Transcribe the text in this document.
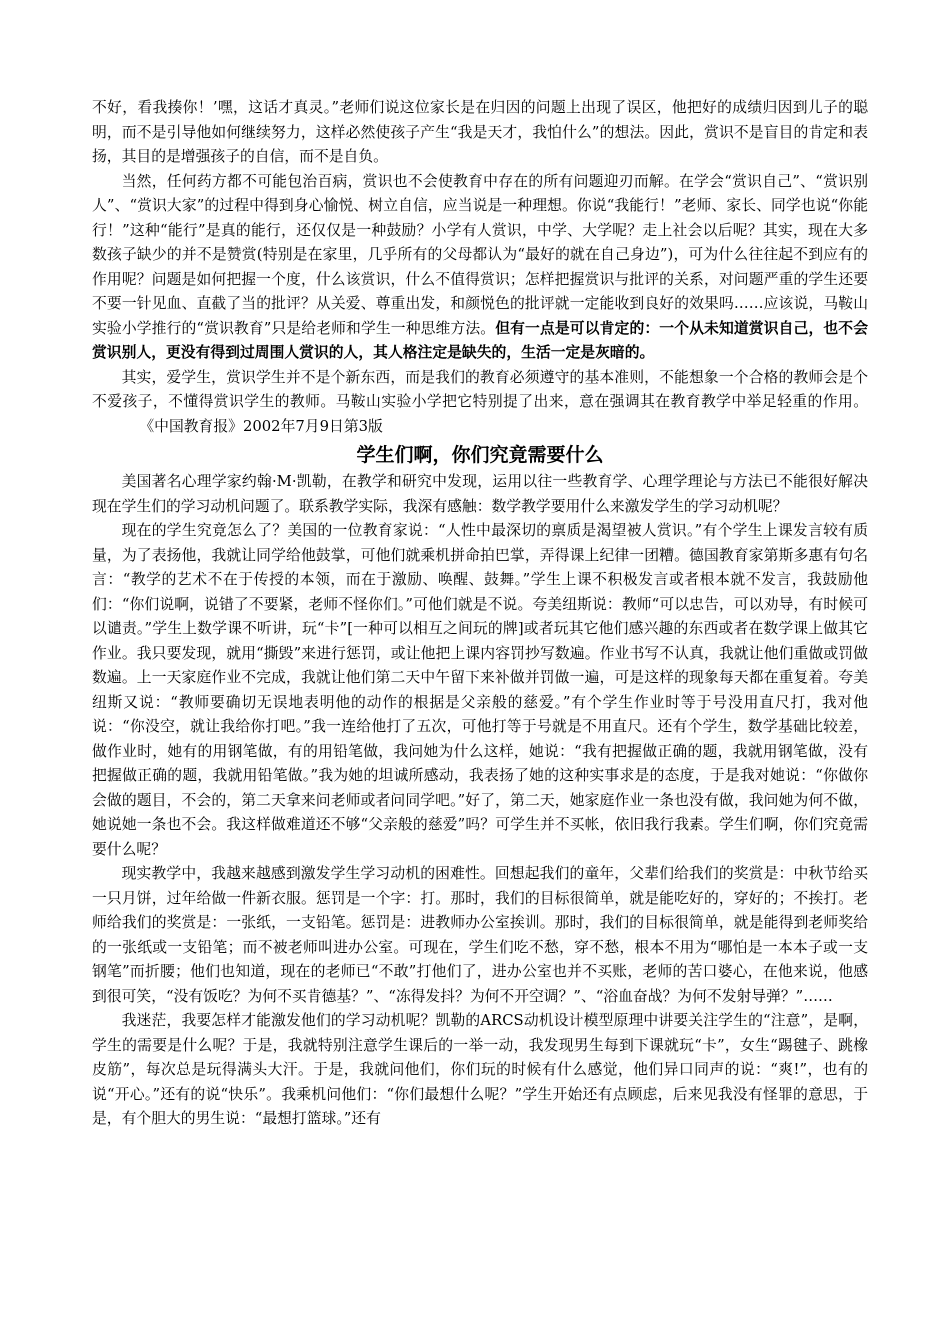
不好，看我揍你！’嘿，这话才真灵。”老师们说这位家长是在归因的问题上出现了误区，他把好的成绩归因到儿子的聪明，而不是引导他如何继续努力，这样必然使孩子产生“我是天才，我怕什么”的想法。因此，赏识不是盲目的肯定和表扬，其目的是增强孩子的自信，而不是自负。

当然，任何药方都不可能包治百病，赏识也不会使教育中存在的所有问题迎刃而解。在学会“赏识自己”、“赏识别人”、“赏识大家”的过程中得到身心愉悦、树立自信，应当说是一种理想。你说“我能行！”老师、家长、同学也说“你能行！”这种“能行”是真的能行，还仅仅是一种鼓励？小学有人赏识，中学、大学呢？走上社会以后呢？其实，现在大多数孩子缺少的并不是赞赏(特别是在家里，几乎所有的父母都认为“最好的就在自己身边”)，可为什么往往起不到应有的作用呢？问题是如何把握一个度，什么该赏识，什么不值得赏识；怎样把握赏识与批评的关系，对问题严重的学生还要不要一针见血、直截了当的批评？从关爱、尊重出发，和颜悦色的批评就一定能收到良好的效果吗……应该说，马鞍山实验小学推行的“赏识教育”只是给老师和学生一种思维方法。但有一点是可以肯定的：一个从未知道赏识自己，也不会赏识别人，更没有得到过周围人赏识的人，其人格注定是缺失的，生活一定是灰暗的。

其实，爱学生，赏识学生并不是个新东西，而是我们的教育必须遵守的基本准则，不能想象一个合格的教师会是个不爱孩子，不懂得赏识学生的教师。马鞍山实验小学把它特别提了出来，意在强调其在教育教学中举足轻重的作用。《中国教育报》2002年7月9日第3版

学生们啊，你们究竟需要什么

美国著名心理学家约翰·M·凯勒，在教学和研究中发现，运用以往一些教育学、心理学理论与方法已不能很好解决现在学生们的学习动机问题了。联系教学实际，我深有感触：数学教学要用什么来激发学生的学习动机呢？

现在的学生究竟怎么了？美国的一位教育家说：“人性中最深切的禀质是渴望被人赏识。”有个学生上课发言较有质量，为了表扬他，我就让同学给他鼓掌，可他们就乘机拼命拍巴掌，弄得课上纪律一团糟。德国教育家第斯多惠有句名言：“教学的艺术不在于传授的本领，而在于激励、唤醒、鼓舞。”学生上课不积极发言或者根本就不发言，我鼓励他们：“你们说啊，说错了不要紧，老师不怪你们。”可他们就是不说。夸美纽斯说：教师“可以忠告，可以劝导，有时候可以谴责。”学生上数学课不听讲，玩“卡”[一种可以相互之间玩的牌]或者玩其它他们感兴趣的东西或者在数学课上做其它作业。我只要发现，就用“撕毁”来进行惩罚，或让他把上课内容罚抄写数遍。作业书写不认真，我就让他们重做或罚做数遍。上一天家庭作业不完成，我就让他们第二天中午留下来补做并罚做一遍，可是这样的现象每天都在重复着。夸美纽斯又说：“教师要确切无误地表明他的动作的根据是父亲般的慈爱。”有个学生作业时等于号没用直尺打，我对他说：“你没空，就让我给你打吧。”我一连给他打了五次，可他打等于号就是不用直尺。还有个学生，数学基础比较差，做作业时，她有的用钢笔做，有的用铅笔做，我问她为什么这样，她说：“我有把握做正确的题，我就用钢笔做，没有把握做正确的题，我就用铅笔做。”我为她的坦诚所感动，我表扬了她的这种实事求是的态度，于是我对她说：“你做你会做的题目，不会的，第二天拿来问老师或者问同学吧。”好了，第二天，她家庭作业一条也没有做，我问她为何不做，她说她一条也不会。我这样做难道还不够“父亲般的慈爱”吗？可学生并不买帐，依旧我行我素。学生们啊，你们究竟需要什么呢？

现实教学中，我越来越感到激发学生学习动机的困难性。回想起我们的童年，父辈们给我们的奖赏是：中秋节给买一只月饼，过年给做一件新衣服。惩罚是一个字：打。那时，我们的目标很简单，就是能吃好的，穿好的；不挨打。老师给我们的奖赏是：一张纸，一支铅笔。惩罚是：进教师办公室挨训。那时，我们的目标很简单，就是能得到老师奖给的一张纸或一支铅笔；而不被老师叫进办公室。可现在，学生们吃不愁，穿不愁，根本不用为“哪怕是一本本子或一支钢笔”而折腰；他们也知道，现在的老师已“不敢”打他们了，进办公室也并不买账，老师的苦口婆心，在他来说，他感到很可笑，“没有饭吃？为何不买肯德基？”、“冻得发抖？为何不开空调？”、“浴血奋战？为何不发射导弹？”……

我迷茫，我要怎样才能激发他们的学习动机呢？凯勒的ARCS动机设计模型原理中讲要关注学生的“注意”，是啊，学生的需要是什么呢？于是，我就特别注意学生课后的一举一动，我发现男生每到下课就玩“卡”，女生“踢毽子、跳橡皮筋”，每次总是玩得满头大汗。于是，我就问他们，你们玩的时候有什么感觉，他们异口同声的说：“爽!”，也有的说“开心。”还有的说“快乐”。我乘机问他们：“你们最想什么呢？”学生开始还有点顾虑，后来见我没有怪罪的意思，于是，有个胆大的男生说：“最想打篮球。”还有
